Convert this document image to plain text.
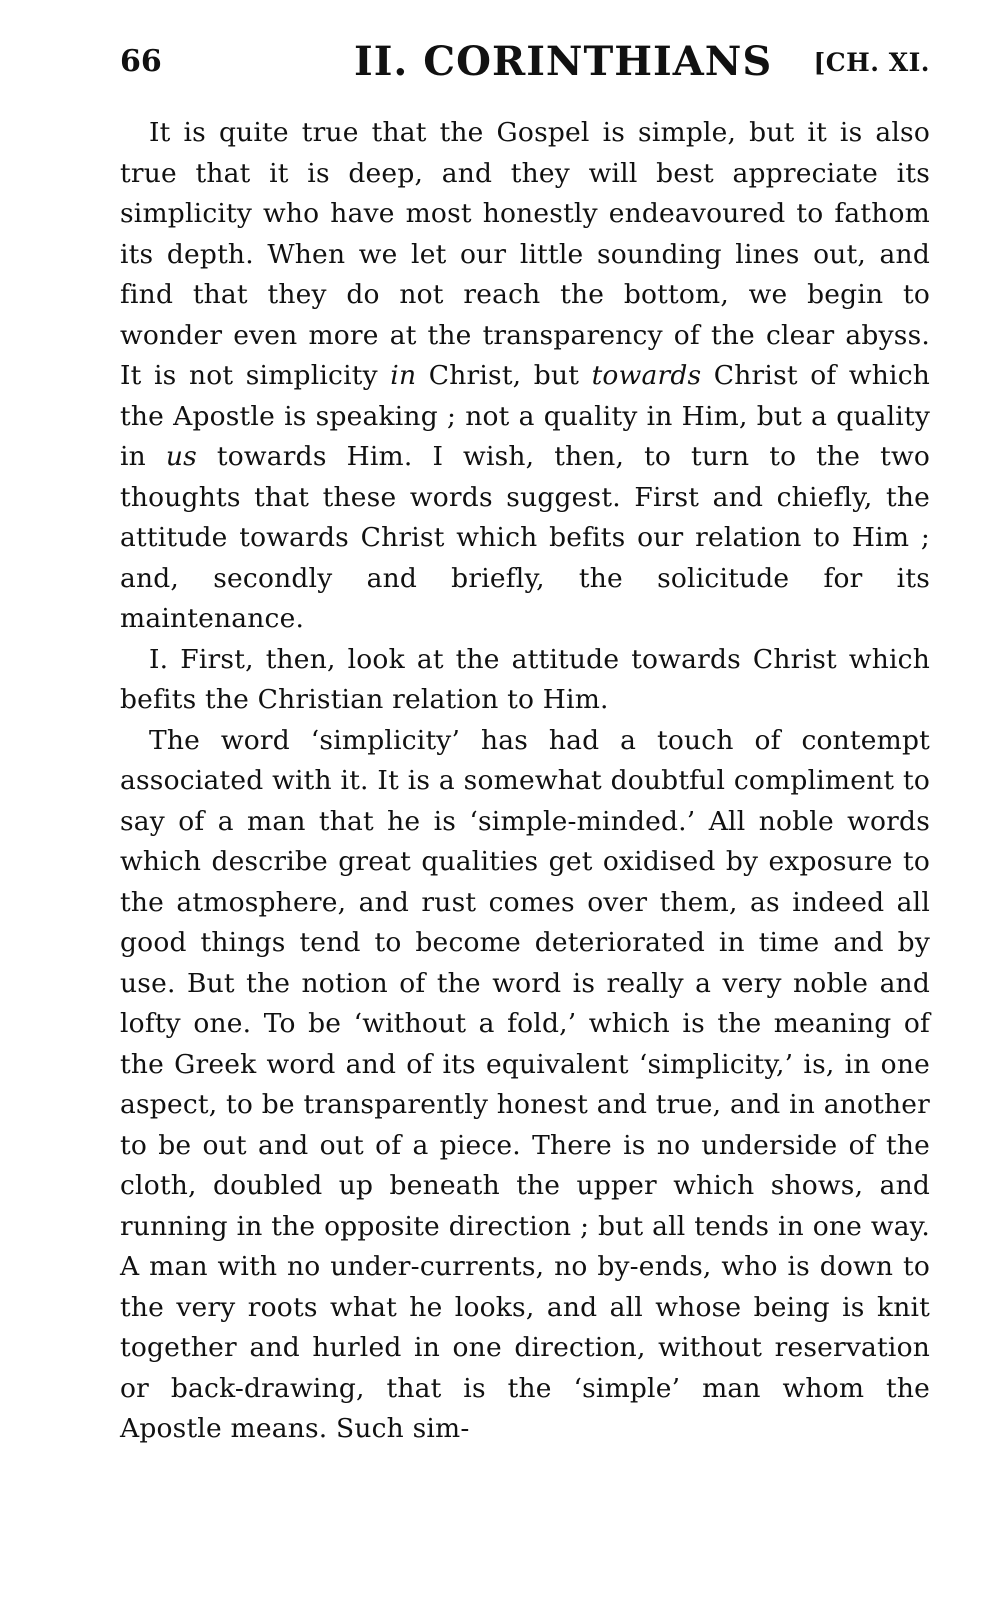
66	II. CORINTHIANS [CH. XI.

It is quite true that the Gospel is simple, but it is also true that it is deep, and they will best appreciate its simplicity who have most honestly endeavoured to fathom its depth. When we let our little sounding lines out, and find that they do not reach the bottom, we begin to wonder even more at the transparency of the clear abyss. It is not simplicity in Christ, but towards Christ of which the Apostle is speaking ; not a quality in Him, but a quality in us towards Him. I wish, then, to turn to the two thoughts that these words suggest. First and chiefly, the attitude towards Christ which befits our relation to Him ; and, secondly and briefly, the solicitude for its maintenance.

I. First, then, look at the attitude towards Christ which befits the Christian relation to Him.

The word ‘simplicity’ has had a touch of contempt associated with it. It is a somewhat doubtful compliment to say of a man that he is ‘simple-minded.’ All noble words which describe great qualities get oxidised by exposure to the atmosphere, and rust comes over them, as indeed all good things tend to become deteriorated in time and by use. But the notion of the word is really a very noble and lofty one. To be ‘without a fold,’ which is the meaning of the Greek word and of its equivalent ‘simplicity,’ is, in one aspect, to be transparently honest and true, and in another to be out and out of a piece. There is no underside of the cloth, doubled up beneath the upper which shows, and running in the opposite direction ; but all tends in one way. A man with no under-currents, no by-ends, who is down to the very roots what he looks, and all whose being is knit together and hurled in one direction, without reservation or back-drawing, that is the ‘simple’ man whom the Apostle means. Such sim-
